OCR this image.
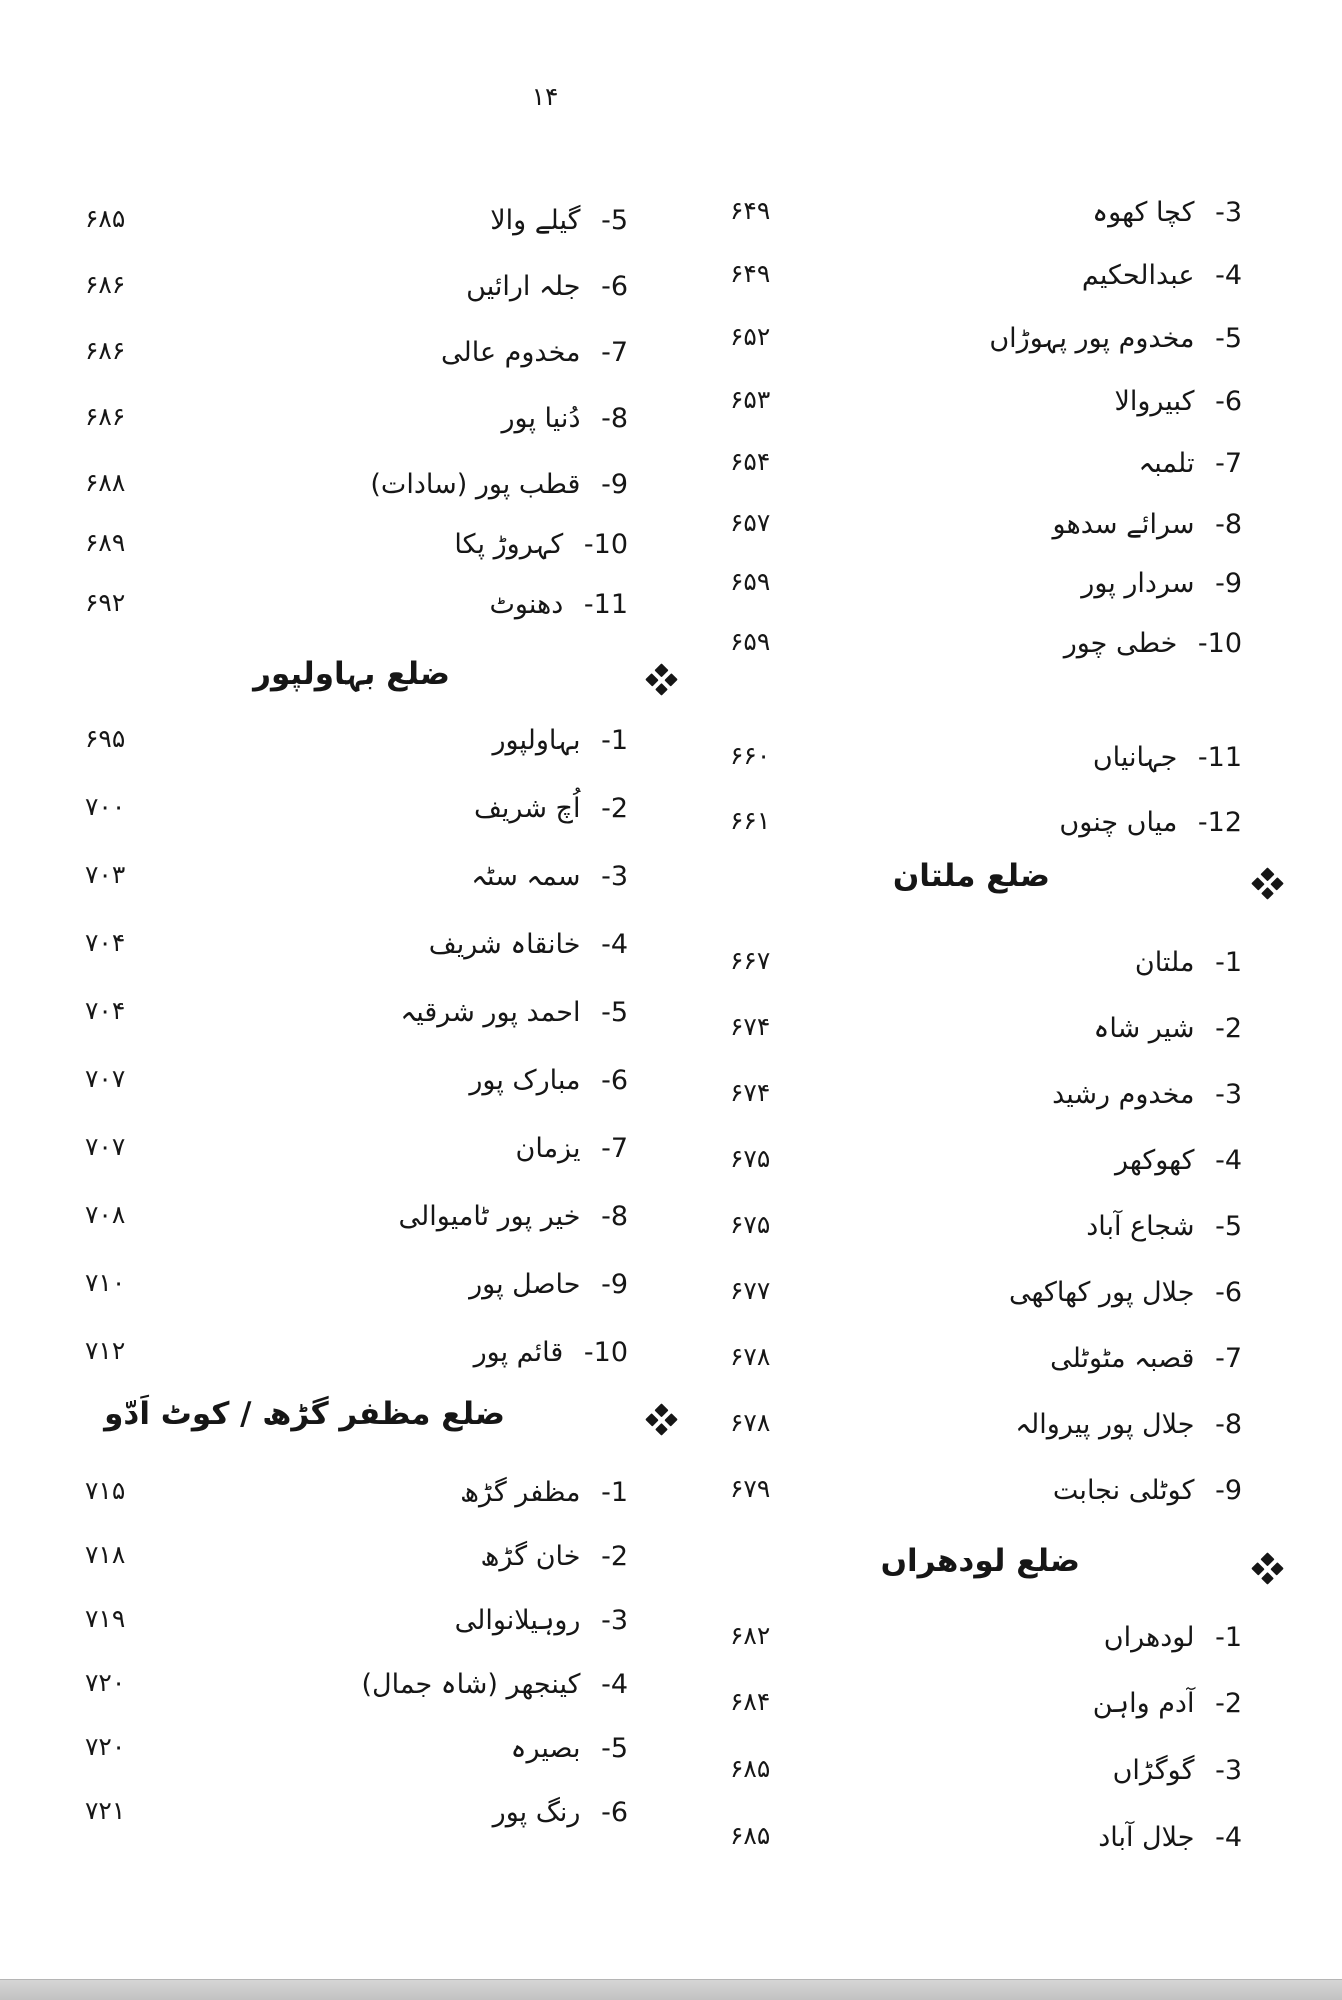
۱۴
۶۴۹	3- کچا کھوہ
۶۴۹	4- عبدالحکیم
۶۵۲	5- مخدوم پور پہوڑاں
۶۵۳	6- کبیروالا
۶۵۴	7- تلمبہ
۶۵۷	8- سرائے سدھو
۶۵۹	9- سردار پور
۶۵۹	10- خطی چور
۶۶۰	11- جہانیاں
۶۶۱	12- میاں چنوں
ضلع ملتان
۶۶۷	1- ملتان
۶۷۴	2- شیر شاہ
۶۷۴	3- مخدوم رشید
۶۷۵	4- کھوکھر
۶۷۵	5- شجاع آباد
۶۷۷	6- جلال پور کھاکھی
۶۷۸	7- قصبہ مٹوٹلی
۶۷۸	8- جلال پور پیروالہ
۶۷۹	9- کوٹلی نجابت
ضلع لودھراں
۶۸۲	1- لودھراں
۶۸۴	2- آدم واہن
۶۸۵	3- گوگڑاں
۶۸۵	4- جلال آباد
۶۸۵	5- گیلے والا
۶۸۶	6- جلہ ارائیں
۶۸۶	7- مخدوم عالی
۶۸۶	8- دُنیا پور
۶۸۸	9- قطب پور (سادات)
۶۸۹	10- کہروڑ پکا
۶۹۲	11- دھنوٹ
ضلع بہاولپور
۶۹۵	1- بہاولپور
۷۰۰	2- اُچ شریف
۷۰۳	3- سمہ سٹہ
۷۰۴	4- خانقاہ شریف
۷۰۴	5- احمد پور شرقیہ
۷۰۷	6- مبارک پور
۷۰۷	7- یزمان
۷۰۸	8- خیر پور ٹامیوالی
۷۱۰	9- حاصل پور
۷۱۲	10- قائم پور
ضلع مظفر گڑھ / کوٹ اَدّو
۷۱۵	1- مظفر گڑھ
۷۱۸	2- خان گڑھ
۷۱۹	3- روہیلانوالی
۷۲۰	4- کینجھر (شاہ جمال)
۷۲۰	5- بصیرہ
۷۲۱	6- رنگ پور
